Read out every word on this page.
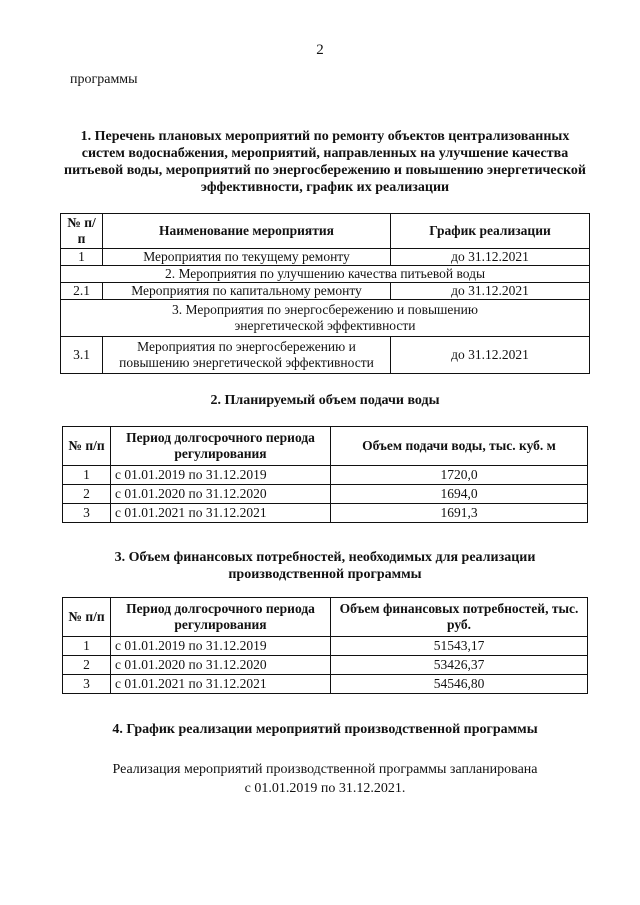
2
программы
1. Перечень плановых мероприятий по ремонту объектов централизованных систем водоснабжения, мероприятий, направленных на улучшение качества питьевой воды, мероприятий по энергосбережению и повышению энергетической эффективности, график их реализации
№ п/п	Наименование мероприятия	График реализации
1	Мероприятия по текущему ремонту	до 31.12.2021
2. Мероприятия по улучшению качества питьевой воды		
2.1	Мероприятия по капитальному ремонту	до 31.12.2021
3. Мероприятия по энергосбережению и повышению энергетической эффективности		
3.1	Мероприятия по энергосбережению и повышению энергетической эффективности	до 31.12.2021
2. Планируемый объем подачи воды
№ п/п	Период долгосрочного периода регулирования	Объем подачи воды, тыс. куб. м
1	с 01.01.2019 по 31.12.2019	1720,0
2	с 01.01.2020 по 31.12.2020	1694,0
3	с 01.01.2021 по 31.12.2021	1691,3
3. Объем финансовых потребностей, необходимых для реализации производственной программы
№ п/п	Период долгосрочного периода регулирования	Объем финансовых потребностей, тыс. руб.
1	с 01.01.2019 по 31.12.2019	51543,17
2	с 01.01.2020 по 31.12.2020	53426,37
3	с 01.01.2021 по 31.12.2021	54546,80
4. График реализации мероприятий производственной программы
Реализация мероприятий производственной программы запланирована с 01.01.2019 по 31.12.2021.
